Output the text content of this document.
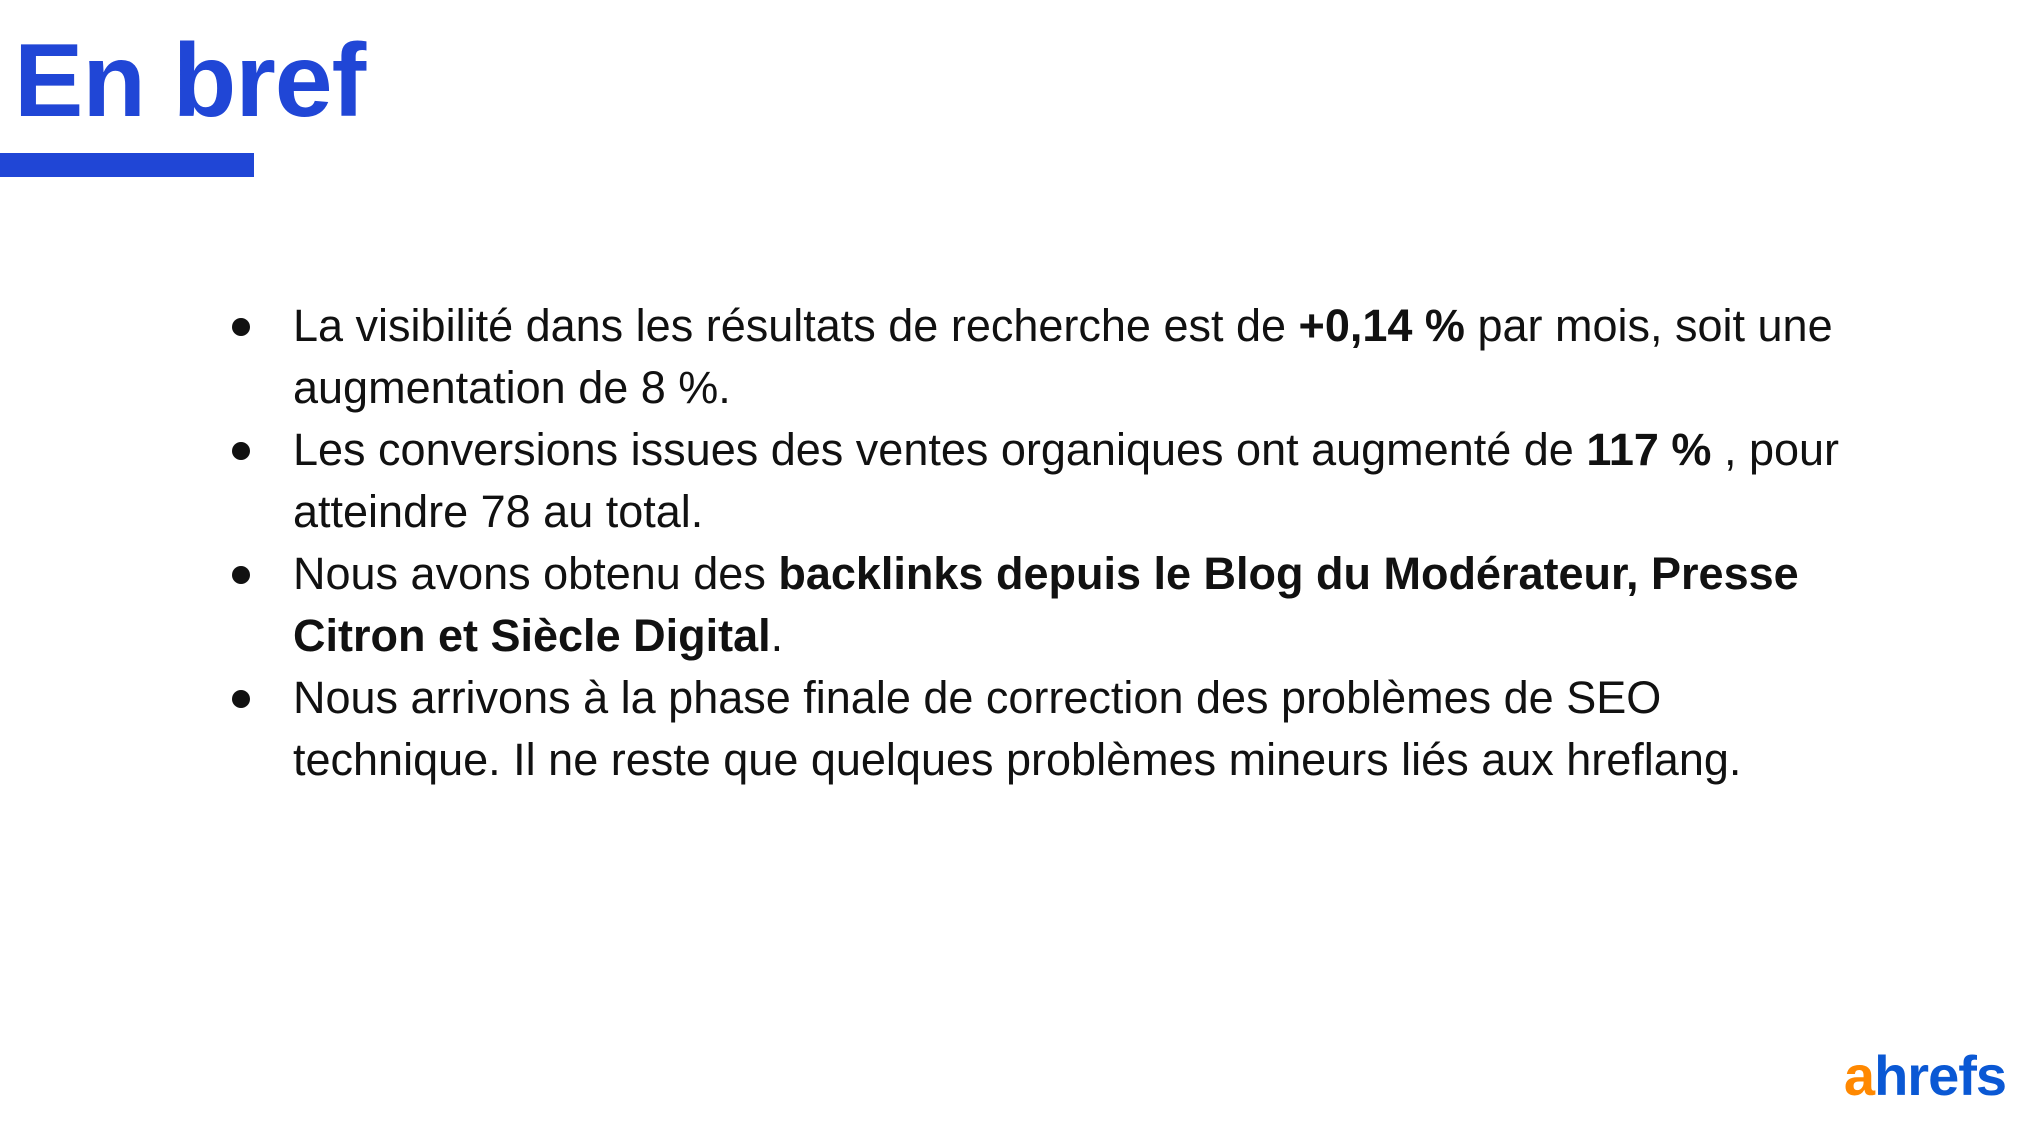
En bref
La visibilité dans les résultats de recherche est de +0,14 % par mois, soit une augmentation de 8 %.
Les conversions issues des ventes organiques ont augmenté de 117 % , pour atteindre 78 au total.
Nous avons obtenu des backlinks depuis le Blog du Modérateur, Presse Citron et Siècle Digital.
Nous arrivons à la phase finale de correction des problèmes de SEO technique. Il ne reste que quelques problèmes mineurs liés aux hreflang.
ahrefs
